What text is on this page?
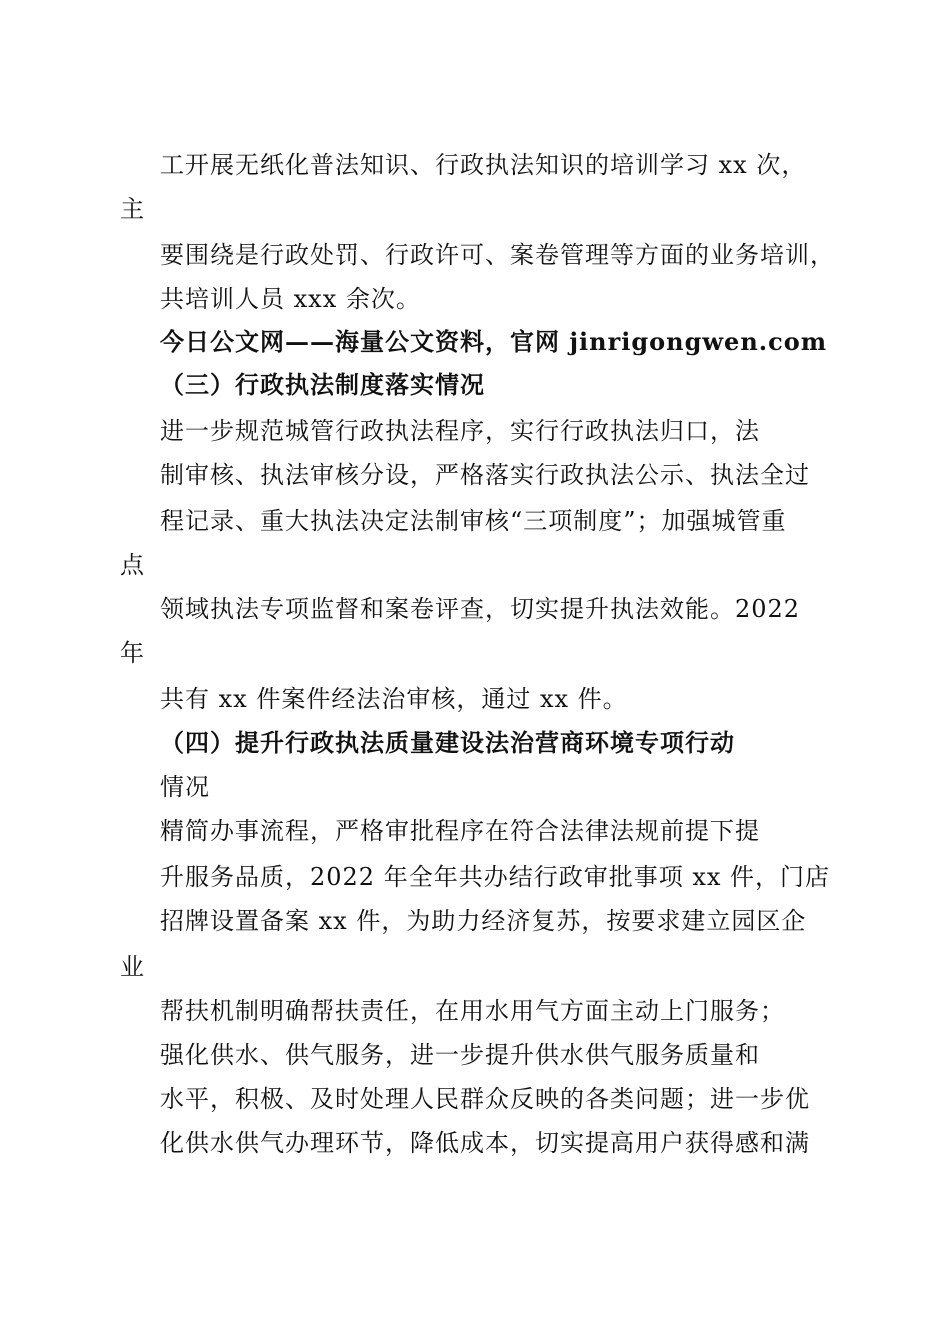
工开展无纸化普法知识、行政执法知识的培训学习 xx 次，
主
要围绕是行政处罚、行政许可、案卷管理等方面的业务培训，
共培训人员 xxx 余次。
今日公文网——海量公文资料，官网 jinrigongwen.com
（三）行政执法制度落实情况
进一步规范城管行政执法程序，实行行政执法归口，法
制审核、执法审核分设，严格落实行政执法公示、执法全过
程记录、重大执法决定法制审核“三项制度”；加强城管重
点
领域执法专项监督和案卷评查，切实提升执法效能。2022
年
共有 xx 件案件经法治审核，通过 xx 件。
（四）提升行政执法质量建设法治营商环境专项行动
情况
精简办事流程，严格审批程序在符合法律法规前提下提
升服务品质，2022 年全年共办结行政审批事项 xx 件，门店
招牌设置备案 xx 件，为助力经济复苏，按要求建立园区企
业
帮扶机制明确帮扶责任，在用水用气方面主动上门服务；
强化供水、供气服务，进一步提升供水供气服务质量和
水平，积极、及时处理人民群众反映的各类问题；进一步优
化供水供气办理环节，降低成本，切实提高用户获得感和满
